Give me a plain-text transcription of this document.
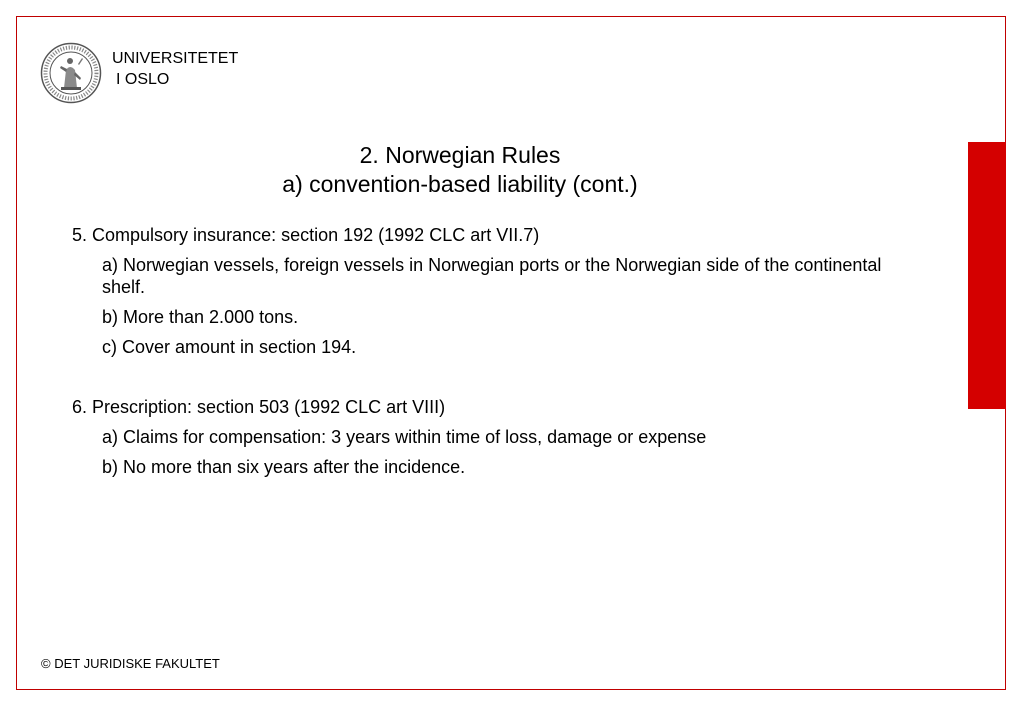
UNIVERSITETET
I OSLO
2. Norwegian Rules
a) convention-based liability (cont.)

5. Compulsory insurance: section 192 (1992 CLC art VII.7)

a) Norwegian vessels, foreign vessels in Norwegian ports or the Norwegian side of the continental shelf.

b) More than 2.000 tons.

c) Cover amount in section 194.

6. Prescription: section 503 (1992 CLC art VIII)

a) Claims for compensation: 3 years within time of loss, damage or expense

b) No more than six years after the incidence.

© DET JURIDISKE FAKULTET
